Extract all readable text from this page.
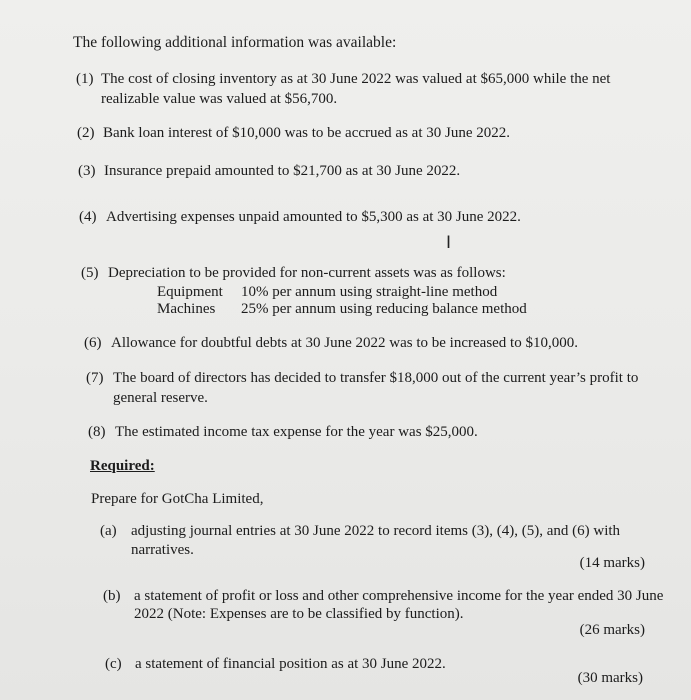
The following additional information was available:
(1) The cost of closing inventory as at 30 June 2022 was valued at $65,000 while the net
realizable value was valued at $56,700.
(2) Bank loan interest of $10,000 was to be accrued as at 30 June 2022.
(3) Insurance prepaid amounted to $21,700 as at 30 June 2022.
(4) Advertising expenses unpaid amounted to $5,300 as at 30 June 2022.
I
(5) Depreciation to be provided for non-current assets was as follows:
Equipment 10% per annum using straight-line method
Machines 25% per annum using reducing balance method
(6) Allowance for doubtful debts at 30 June 2022 was to be increased to $10,000.
(7) The board of directors has decided to transfer $18,000 out of the current year’s profit to
general reserve.
(8) The estimated income tax expense for the year was $25,000.
Required:
Prepare for GotCha Limited,
(a) adjusting journal entries at 30 June 2022 to record items (3), (4), (5), and (6) with
narratives.
(14 marks)
(b) a statement of profit or loss and other comprehensive income for the year ended 30 June
2022 (Note: Expenses are to be classified by function).
(26 marks)
(c) a statement of financial position as at 30 June 2022.
(30 marks)
